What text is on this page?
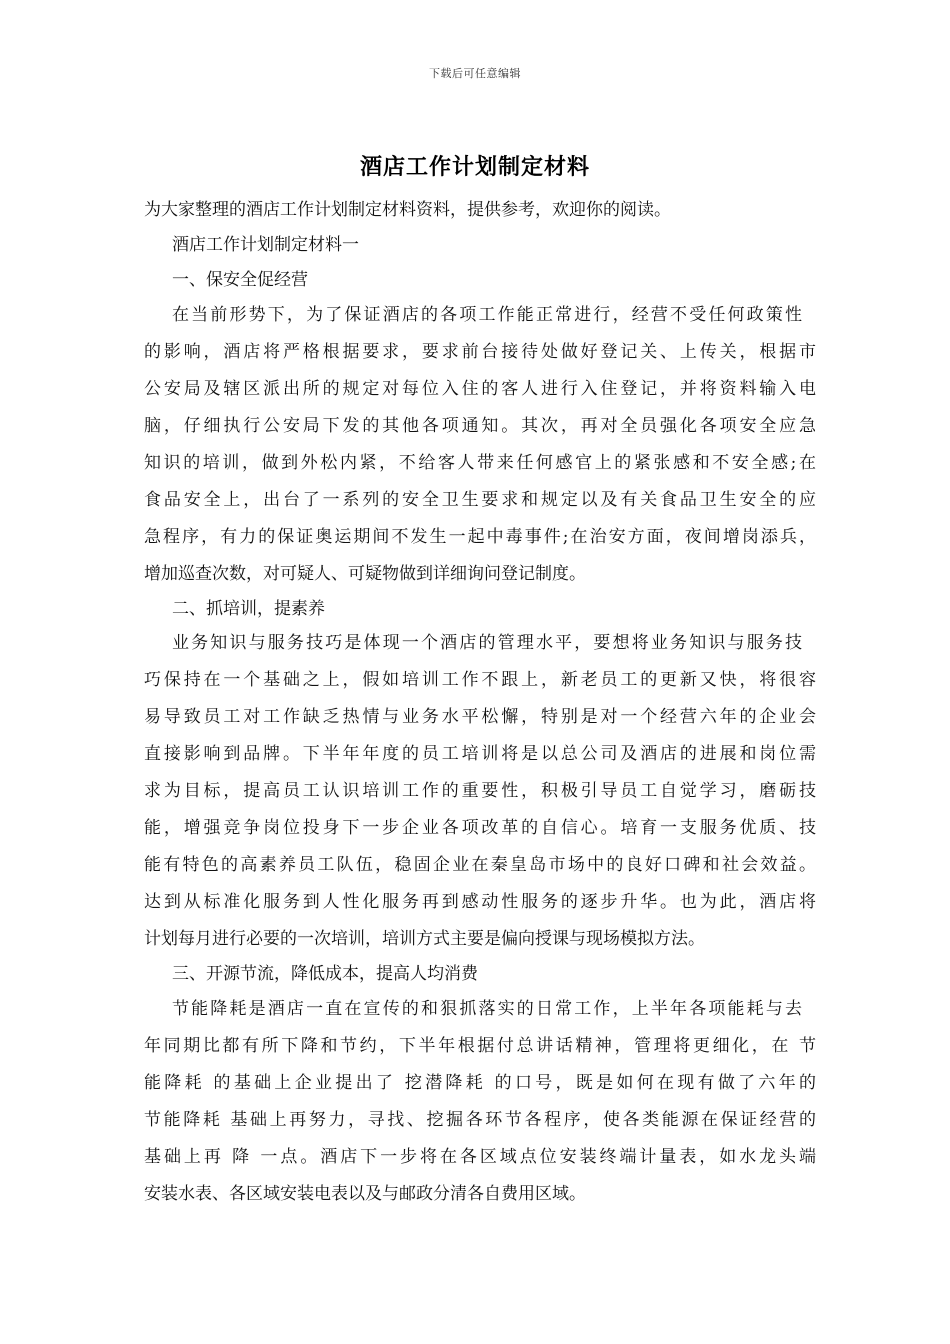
下载后可任意编辑
酒店工作计划制定材料
为大家整理的酒店工作计划制定材料资料，提供参考，欢迎你的阅读。
酒店工作计划制定材料一
一、保安全促经营
在当前形势下，为了保证酒店的各项工作能正常进行，经营不受任何政策性
的影响，酒店将严格根据要求，要求前台接待处做好登记关、上传关，根据市
公安局及辖区派出所的规定对每位入住的客人进行入住登记，并将资料输入电
脑，仔细执行公安局下发的其他各项通知。其次，再对全员强化各项安全应急
知识的培训，做到外松内紧，不给客人带来任何感官上的紧张感和不安全感;在
食品安全上，出台了一系列的安全卫生要求和规定以及有关食品卫生安全的应
急程序，有力的保证奥运期间不发生一起中毒事件;在治安方面，夜间增岗添兵，
增加巡查次数，对可疑人、可疑物做到详细询问登记制度。
二、抓培训，提素养
业务知识与服务技巧是体现一个酒店的管理水平，要想将业务知识与服务技
巧保持在一个基础之上，假如培训工作不跟上，新老员工的更新又快，将很容
易导致员工对工作缺乏热情与业务水平松懈，特别是对一个经营六年的企业会
直接影响到品牌。下半年年度的员工培训将是以总公司及酒店的进展和岗位需
求为目标，提高员工认识培训工作的重要性，积极引导员工自觉学习，磨砺技
能，增强竞争岗位投身下一步企业各项改革的自信心。培育一支服务优质、技
能有特色的高素养员工队伍，稳固企业在秦皇岛市场中的良好口碑和社会效益。
达到从标准化服务到人性化服务再到感动性服务的逐步升华。也为此，酒店将
计划每月进行必要的一次培训，培训方式主要是偏向授课与现场模拟方法。
三、开源节流，降低成本，提高人均消费
节能降耗是酒店一直在宣传的和狠抓落实的日常工作，上半年各项能耗与去
年同期比都有所下降和节约，下半年根据付总讲话精神，管理将更细化，在 节
能降耗 的基础上企业提出了 挖潜降耗 的口号，既是如何在现有做了六年的
节能降耗 基础上再努力，寻找、挖掘各环节各程序，使各类能源在保证经营的
基础上再 降 一点。酒店下一步将在各区域点位安装终端计量表，如水龙头端
安装水表、各区域安装电表以及与邮政分清各自费用区域。
